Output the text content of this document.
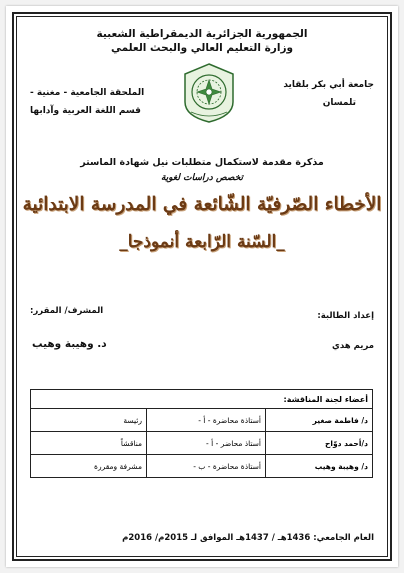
الجمهورية الجزائرية الديمقراطية الشعبية
وزارة التعليم العالي والبحث العلمي
جامعة أبي بكر بلقايد
تلمسان
الملحقة الجامعية - مغنية -
قسم اللغة العربية وآدابها
مذكرة مقدمة لاستكمال متطلبات نيل شهادة الماستر
تخصص دراسات لغوية
الأخطاء الصّرفيّة الشّائعة في المدرسة الابتدائية
_السّنة الرّابعة أنموذجا_
إعداد الطالبة:
مريم هدي
المشرف/ المقرر:
د. وهيبة وهيب
أعضاء لجنة المناقشة:		
د/ فاطمة صغير	أستاذة محاضرة - أ -	رئيسة
د/أحمد دوّاح	أستاذ محاضر - أ -	مناقشاً
د/ وهيبة وهيب	أستاذة محاضرة - ب -	مشرفة ومقررة
العام الجامعي: 1436هـ / 1437هـ الموافق لـ 2015م/ 2016م
